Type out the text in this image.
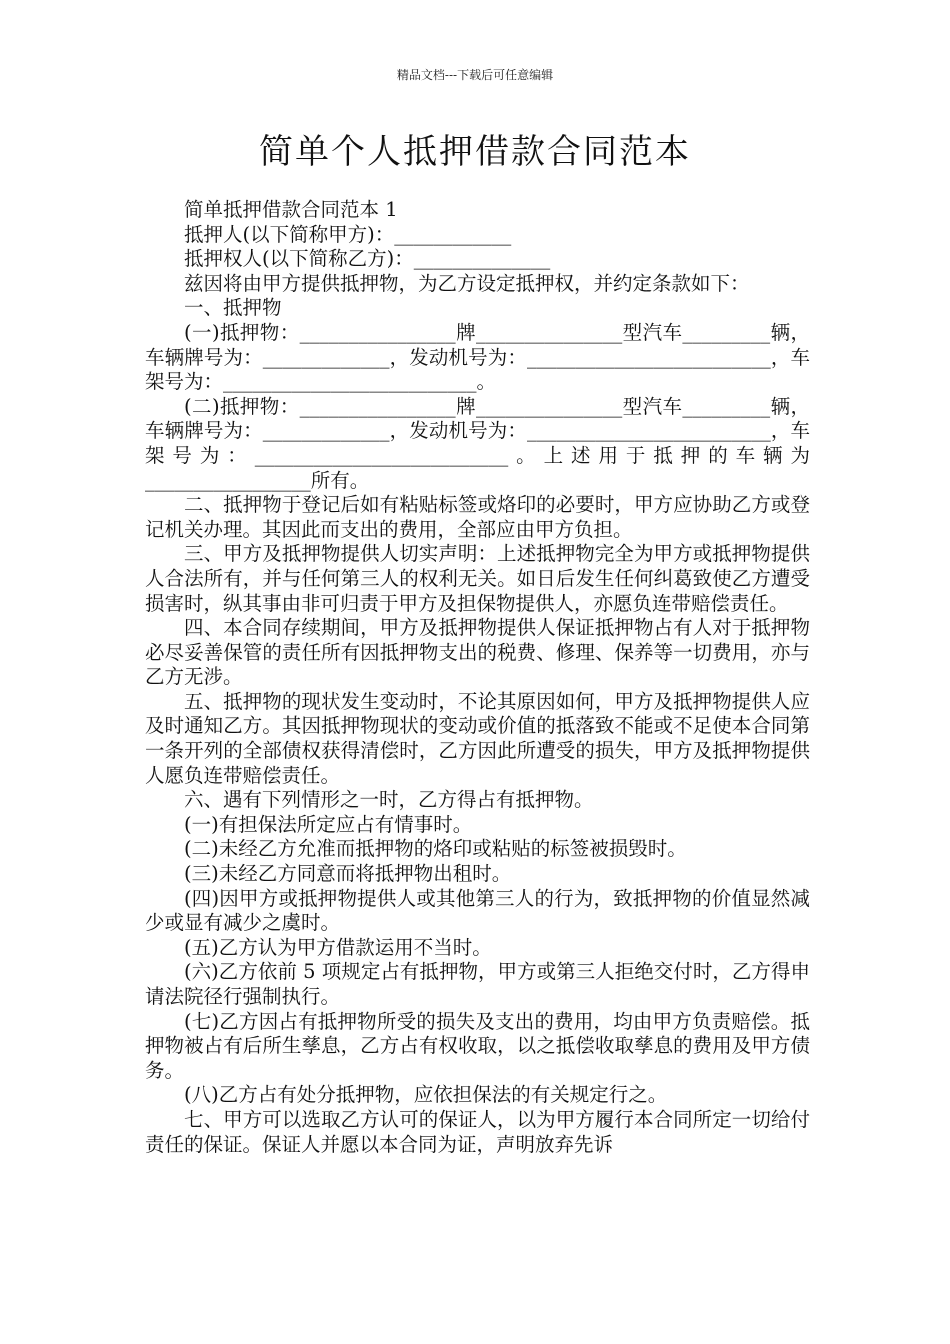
精品文档---下载后可任意编辑
简单个人抵押借款合同范本

简单抵押借款合同范本 1

抵押人(以下简称甲方)：____________

抵押权人(以下简称乙方)：______________

兹因将由甲方提供抵押物，为乙方设定抵押权，并约定条款如下：

一、抵押物

(一)抵押物：________________牌_______________型汽车_________辆，车辆牌号为：_____________，发动机号为：_________________________，车架号为：__________________________。

(二)抵押物：________________牌_______________型汽车_________辆，车辆牌号为：_____________，发动机号为：_________________________，车架号为：__________________________。上述用于抵押的车辆为_________________所有。

二、抵押物于登记后如有粘贴标签或烙印的必要时，甲方应协助乙方或登记机关办理。其因此而支出的费用，全部应由甲方负担。

三、甲方及抵押物提供人切实声明：上述抵押物完全为甲方或抵押物提供人合法所有，并与任何第三人的权利无关。如日后发生任何纠葛致使乙方遭受损害时，纵其事由非可归责于甲方及担保物提供人，亦愿负连带赔偿责任。

四、本合同存续期间，甲方及抵押物提供人保证抵押物占有人对于抵押物必尽妥善保管的责任所有因抵押物支出的税费、修理、保养等一切费用，亦与乙方无涉。

五、抵押物的现状发生变动时，不论其原因如何，甲方及抵押物提供人应及时通知乙方。其因抵押物现状的变动或价值的抵落致不能或不足使本合同第一条开列的全部债权获得清偿时，乙方因此所遭受的损失，甲方及抵押物提供人愿负连带赔偿责任。

六、遇有下列情形之一时，乙方得占有抵押物。

(一)有担保法所定应占有情事时。

(二)未经乙方允准而抵押物的烙印或粘贴的标签被损毁时。

(三)未经乙方同意而将抵押物出租时。

(四)因甲方或抵押物提供人或其他第三人的行为，致抵押物的价值显然减少或显有减少之虞时。

(五)乙方认为甲方借款运用不当时。

(六)乙方依前 5 项规定占有抵押物，甲方或第三人拒绝交付时，乙方得申请法院径行强制执行。

(七)乙方因占有抵押物所受的损失及支出的费用，均由甲方负责赔偿。抵押物被占有后所生孳息，乙方占有权收取，以之抵偿收取孳息的费用及甲方债务。

(八)乙方占有处分抵押物，应依担保法的有关规定行之。

七、甲方可以选取乙方认可的保证人，以为甲方履行本合同所定一切给付责任的保证。保证人并愿以本合同为证，声明放弃先诉
